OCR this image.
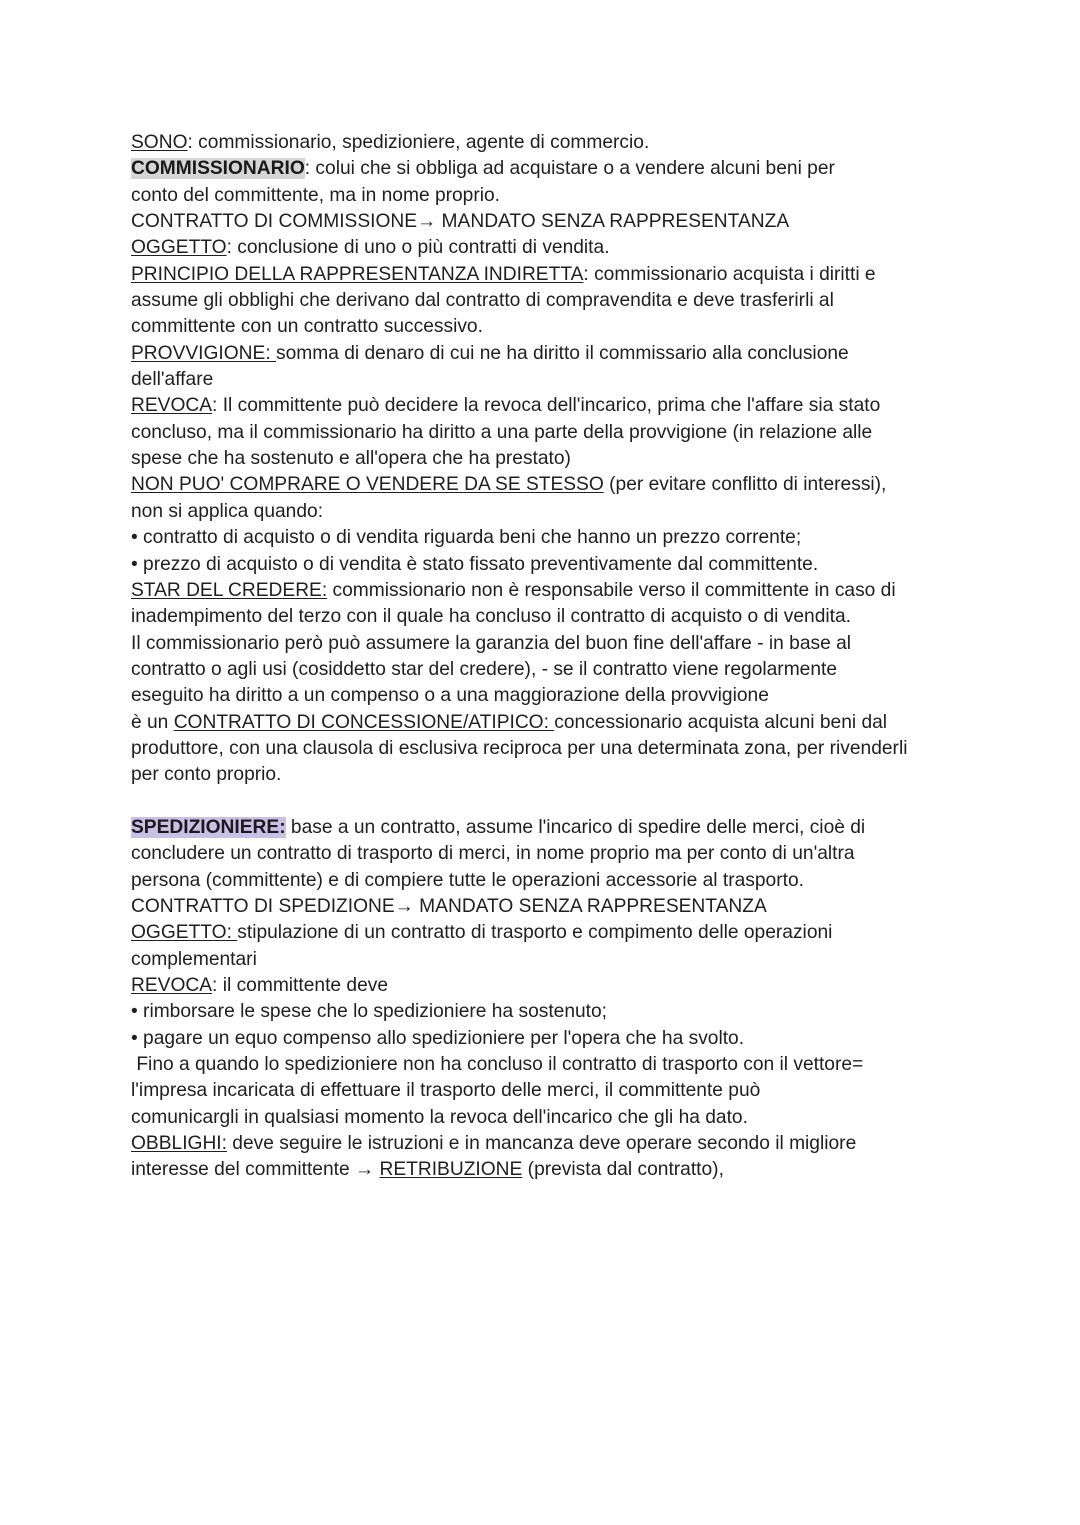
SONO: commissionario, spedizioniere, agente di commercio.
COMMISSIONARIO: colui che si obbliga ad acquistare o a vendere alcuni beni per
conto del committente, ma in nome proprio.
CONTRATTO DI COMMISSIONE→ MANDATO SENZA RAPPRESENTANZA
OGGETTO: conclusione di uno o più contratti di vendita.
PRINCIPIO DELLA RAPPRESENTANZA INDIRETTA: commissionario acquista i diritti e
assume gli obblighi che derivano dal contratto di compravendita e deve trasferirli al
committente con un contratto successivo.
PROVVIGIONE: somma di denaro di cui ne ha diritto il commissario alla conclusione
dell'affare
REVOCA: Il committente può decidere la revoca dell'incarico, prima che l'affare sia stato
concluso, ma il commissionario ha diritto a una parte della provvigione (in relazione alle
spese che ha sostenuto e all'opera che ha prestato)
NON PUO' COMPRARE O VENDERE DA SE STESSO (per evitare conflitto di interessi),
non si applica quando:
• contratto di acquisto o di vendita riguarda beni che hanno un prezzo corrente;
• prezzo di acquisto o di vendita è stato fissato preventivamente dal committente.
STAR DEL CREDERE: commissionario non è responsabile verso il committente in caso di
inadempimento del terzo con il quale ha concluso il contratto di acquisto o di vendita.
Il commissionario però può assumere la garanzia del buon fine dell'affare - in base al
contratto o agli usi (cosiddetto star del credere), - se il contratto viene regolarmente
eseguito ha diritto a un compenso o a una maggiorazione della provvigione
è un CONTRATTO DI CONCESSIONE/ATIPICO: concessionario acquista alcuni beni dal
produttore, con una clausola di esclusiva reciproca per una determinata zona, per rivenderli
per conto proprio.
SPEDIZIONIERE: base a un contratto, assume l'incarico di spedire delle merci, cioè di
concludere un contratto di trasporto di merci, in nome proprio ma per conto di un'altra
persona (committente) e di compiere tutte le operazioni accessorie al trasporto.
CONTRATTO DI SPEDIZIONE→ MANDATO SENZA RAPPRESENTANZA
OGGETTO: stipulazione di un contratto di trasporto e compimento delle operazioni
complementari
REVOCA: il committente deve
• rimborsare le spese che lo spedizioniere ha sostenuto;
• pagare un equo compenso allo spedizioniere per l'opera che ha svolto.
Fino a quando lo spedizioniere non ha concluso il contratto di trasporto con il vettore=
l'impresa incaricata di effettuare il trasporto delle merci, il committente può
comunicargli in qualsiasi momento la revoca dell'incarico che gli ha dato.
OBBLIGHI: deve seguire le istruzioni e in mancanza deve operare secondo il migliore
interesse del committente → RETRIBUZIONE (prevista dal contratto),
